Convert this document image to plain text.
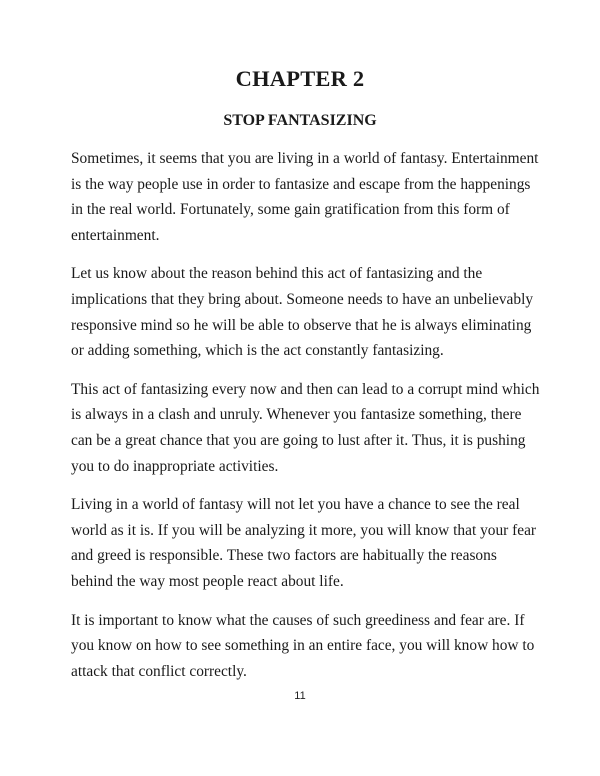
CHAPTER 2
STOP FANTASIZING

Sometimes, it seems that you are living in a world of fantasy. Entertainment is the way people use in order to fantasize and escape from the happenings in the real world. Fortunately, some gain gratification from this form of entertainment.

Let us know about the reason behind this act of fantasizing and the implications that they bring about. Someone needs to have an unbelievably responsive mind so he will be able to observe that he is always eliminating or adding something, which is the act constantly fantasizing.

This act of fantasizing every now and then can lead to a corrupt mind which is always in a clash and unruly. Whenever you fantasize something, there can be a great chance that you are going to lust after it. Thus, it is pushing you to do inappropriate activities.

Living in a world of fantasy will not let you have a chance to see the real world as it is. If you will be analyzing it more, you will know that your fear and greed is responsible. These two factors are habitually the reasons behind the way most people react about life.

It is important to know what the causes of such greediness and fear are. If you know on how to see something in an entire face, you will know how to attack that conflict correctly.

11
